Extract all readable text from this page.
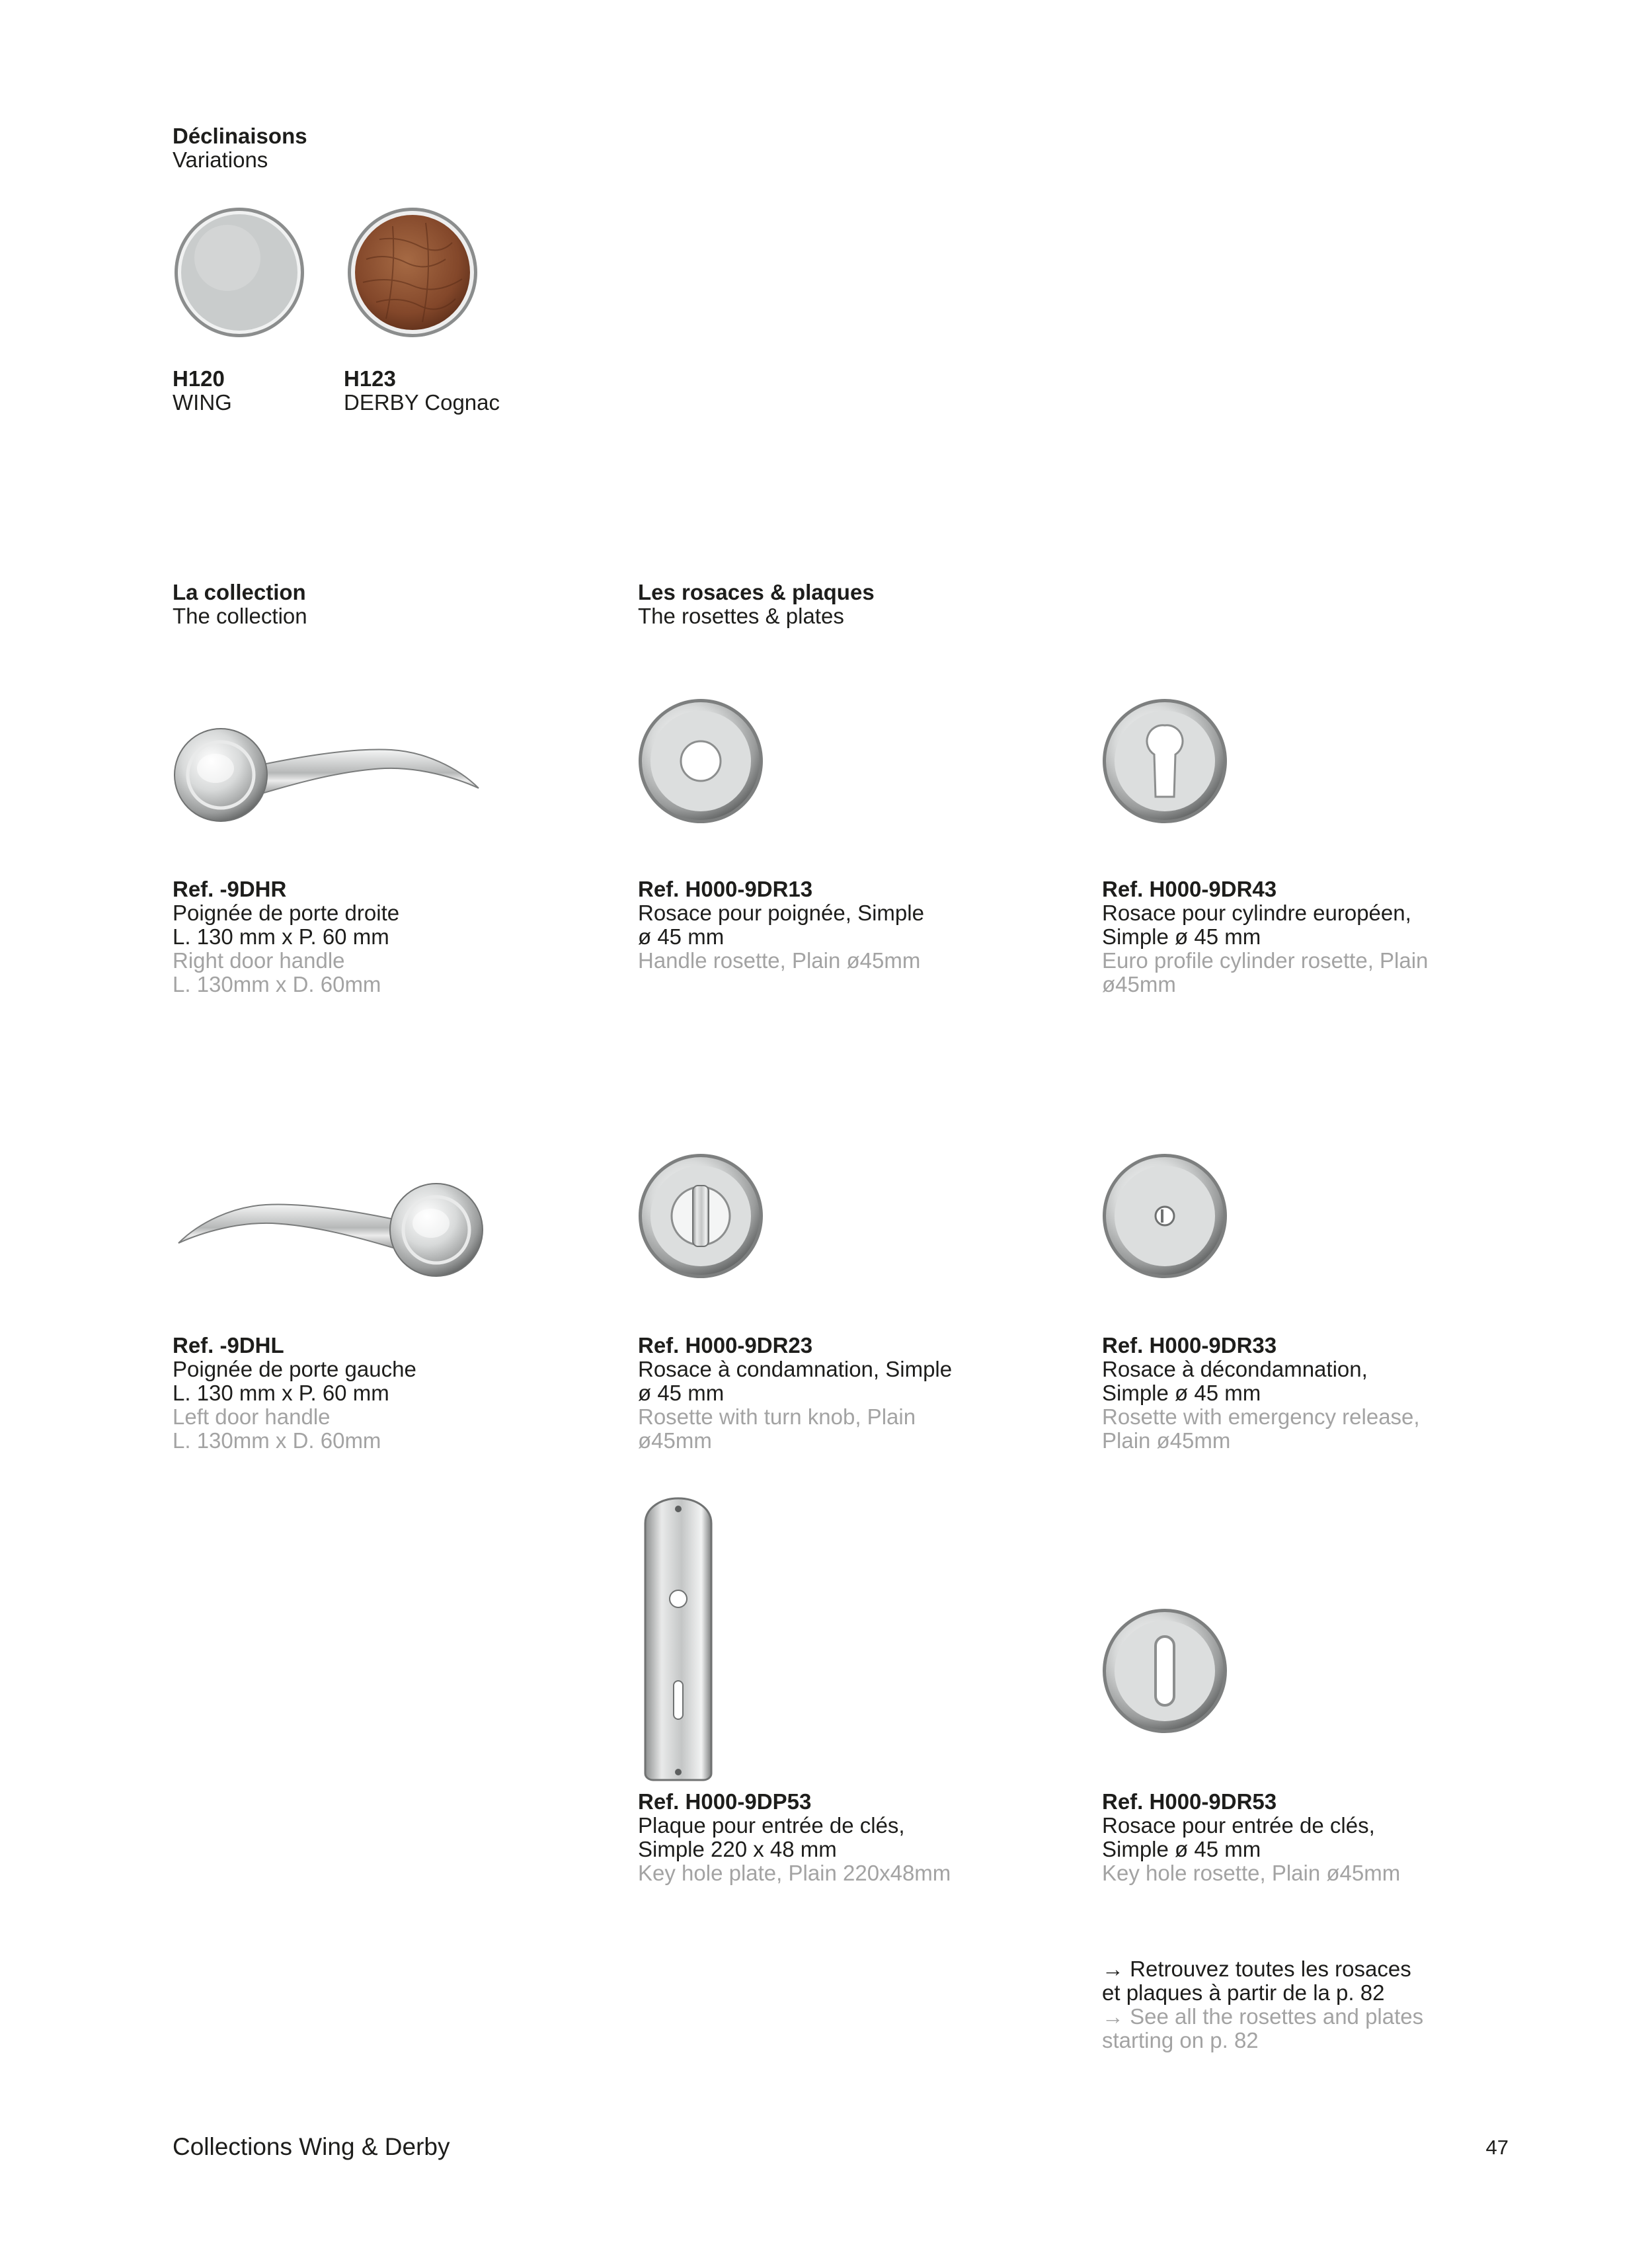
Déclinaisons
Variations
H120
WING
H123
DERBY Cognac
La collection
The collection
Les rosaces & plaques
The rosettes & plates
Ref. -9DHR
Poignée de porte droite
L. 130 mm x P. 60 mm
Right door handle
L. 130mm x D. 60mm
Ref. H000-9DR13
Rosace pour poignée, Simple
ø 45 mm
Handle rosette, Plain ø45mm
Ref. H000-9DR43
Rosace pour cylindre européen,
Simple ø 45 mm
Euro profile cylinder rosette, Plain
ø45mm
Ref. -9DHL
Poignée de porte gauche
L. 130 mm x P. 60 mm
Left door handle
L. 130mm x D. 60mm
Ref. H000-9DR23
Rosace à condamnation, Simple
ø 45 mm
Rosette with turn knob, Plain
ø45mm
Ref. H000-9DR33
Rosace à décondamnation,
Simple ø 45 mm
Rosette with emergency release,
Plain ø45mm
Ref. H000-9DP53
Plaque pour entrée de clés,
Simple 220 x 48 mm
Key hole plate, Plain 220x48mm
Ref. H000-9DR53
Rosace pour entrée de clés,
Simple ø 45 mm
Key hole rosette, Plain ø45mm
→ Retrouvez toutes les rosaces
et plaques à partir de la p. 82
→ See all the rosettes and plates
starting on p. 82
Collections Wing & Derby	47
